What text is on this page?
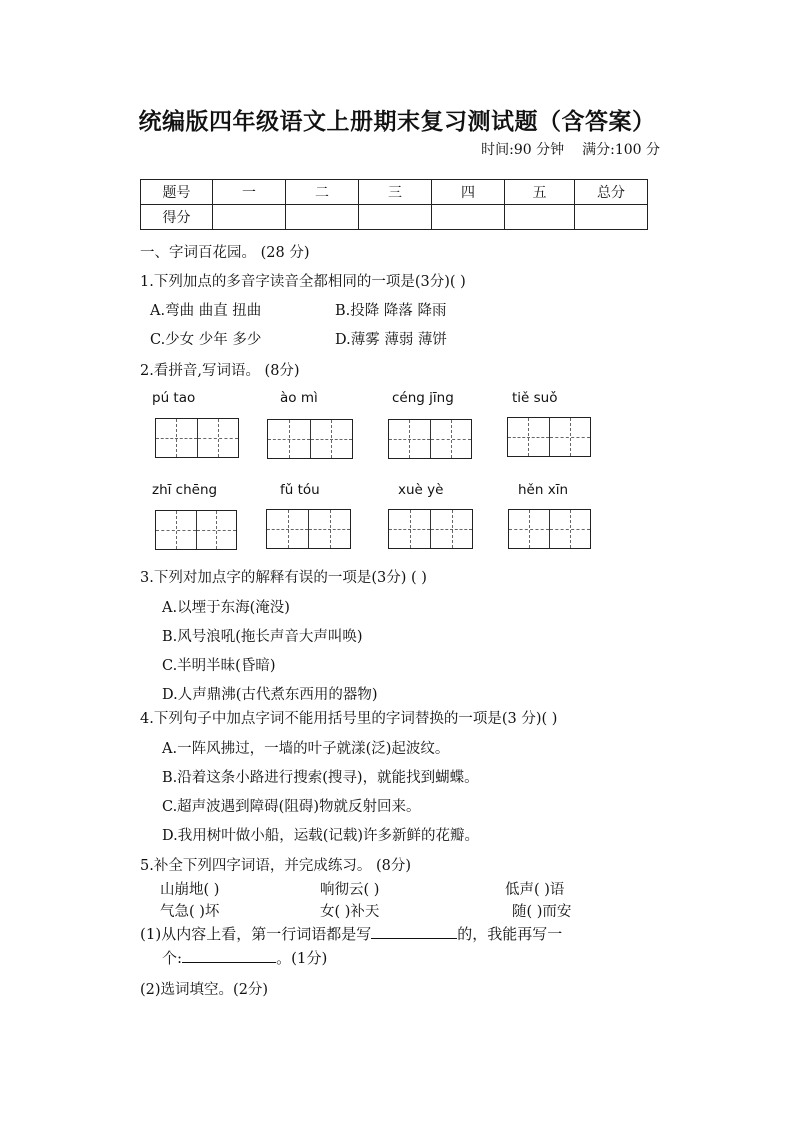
统编版四年级语文上册期末复习测试题（含答案）
时间:90 分钟 满分:100 分
题号	一	二	三	四	五	总分
得分						
一、字词百花园。 (28 分)
1.下列加点的多音字读音全都相同的一项是(3分)( )
A.弯曲 曲直 扭曲	B.投降 降落 降雨
C.少女 少年 多少	D.薄雾 薄弱 薄饼
2.看拼音,写词语。 (8分)
pú tao	ào mì	céng jīng	tiě suǒ
zhī chēng	fǔ tóu	xuè yè	hěn xīn
3.下列对加点字的解释有误的一项是(3分) ( )
A.以堙于东海(淹没)
B.风号浪吼(拖长声音大声叫唤)
C.半明半昧(昏暗)
D.人声鼎沸(古代煮东西用的器物)
4.下列句子中加点字词不能用括号里的字词替换的一项是(3 分)( )
A.一阵风拂过，一墙的叶子就漾(泛)起波纹。
B.沿着这条小路进行搜索(搜寻)，就能找到蝴蝶。
C.超声波遇到障碍(阻碍)物就反射回来。
D.我用树叶做小船，运载(记载)许多新鲜的花瓣。
5.补全下列四字词语，并完成练习。 (8分)
山崩地( )	响彻云( )	低声( )语
气急( )坏	女( )补天	随( )而安
(1)从内容上看，第一行词语都是写	的，我能再写一
个:	。(1分)
(2)选词填空。(2分)
